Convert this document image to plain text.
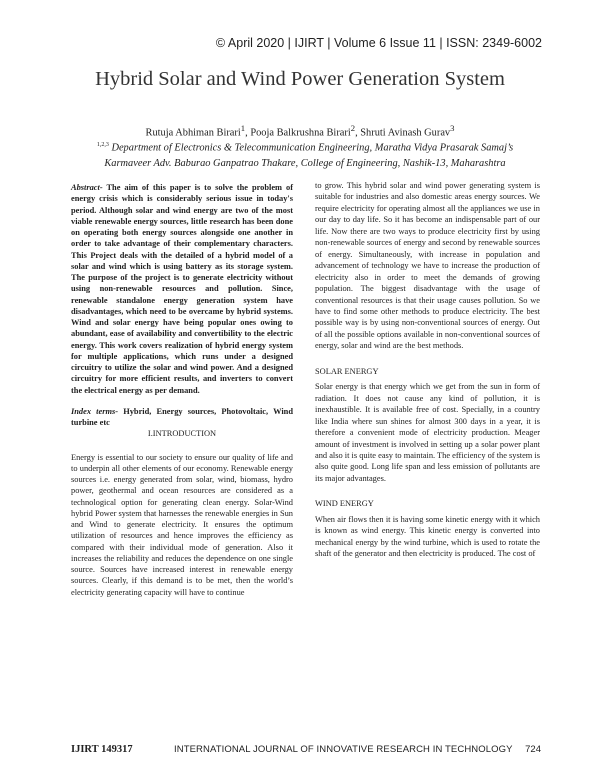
© April 2020 | IJIRT | Volume 6 Issue 11 | ISSN: 2349-6002
Hybrid Solar and Wind Power Generation System
Rutuja Abhiman Birari$^1$, Pooja Balkrushna Birari$^2$, Shruti Avinash Gurav$^3$
$^{1,2,3}$ Department of Electronics & Telecommunication Engineering, Maratha Vidya Prasarak Samaj’s
Karmaveer Adv. Baburao Ganpatrao Thakare, College of Engineering, Nashik-13, Maharashtra

Abstract- The aim of this paper is to solve the problem of energy crisis which is considerably serious issue in today's period. Although solar and wind energy are two of the most viable renewable energy sources, little research has been done on operating both energy sources alongside one another in order to take advantage of their complementary characters. This Project deals with the detailed of a hybrid model of a solar and wind which is using battery as its storage system. The purpose of the project is to generate electricity without using non-renewable resources and pollution. Since, renewable standalone energy generation system have disadvantages, which need to be overcame by hybrid systems. Wind and solar energy have being popular ones owing to abundant, ease of availability and convertibility to the electric energy. This work covers realization of hybrid energy system for multiple applications, which runs under a designed circuitry to utilize the solar and wind power. And a designed circuitry for more efficient results, and inverters to convert the electrical energy as per demand.

Index terms- Hybrid, Energy sources, Photovoltaic, Wind turbine etc

I.INTRODUCTION

Energy is essential to our society to ensure our quality of life and to underpin all other elements of our economy. Renewable energy sources i.e. energy generated from solar, wind, biomass, hydro power, geothermal and ocean resources are considered as a technological option for generating clean energy. Solar-Wind hybrid Power system that harnesses the renewable energies in Sun and Wind to generate electricity. It ensures the optimum utilization of resources and hence improves the efficiency as compared with their individual mode of generation. Also it increases the reliability and reduces the dependence on one single source. Sources have increased interest in renewable energy sources. Clearly, if this demand is to be met, then the world’s electricity generating capacity will have to continue

to grow. This hybrid solar and wind power generating system is suitable for industries and also domestic areas energy sources. We require electricity for operating almost all the appliances we use in our day to day life. So it has become an indispensable part of our life. Now there are two ways to produce electricity first by using non-renewable sources of energy and second by renewable sources of energy. Simultaneously, with increase in population and advancement of technology we have to increase the production of electricity also in order to meet the demands of growing population. The biggest disadvantage with the usage of conventional resources is that their usage causes pollution. So we have to find some other methods to produce electricity. The best possible way is by using non-conventional sources of energy. Out of all the possible options available in non-conventional sources of energy, solar and wind are the best methods.

SOLAR ENERGY

Solar energy is that energy which we get from the sun in form of radiation. It does not cause any kind of pollution, it is inexhaustible. It is available free of cost. Specially, in a country like India where sun shines for almost 300 days in a year, it is therefore a convenient mode of electricity production. Meager amount of investment is involved in setting up a solar power plant and also it is quite easy to maintain. The efficiency of the system is also quite good. Long life span and less emission of pollutants are its major advantages.

WIND ENERGY

When air flows then it is having some kinetic energy with it which is known as wind energy. This kinetic energy is converted into mechanical energy by the wind turbine, which is used to rotate the shaft of the generator and then electricity is produced. The cost of

IJIRT 149317	INTERNATIONAL JOURNAL OF INNOVATIVE RESEARCH IN TECHNOLOGY 724
